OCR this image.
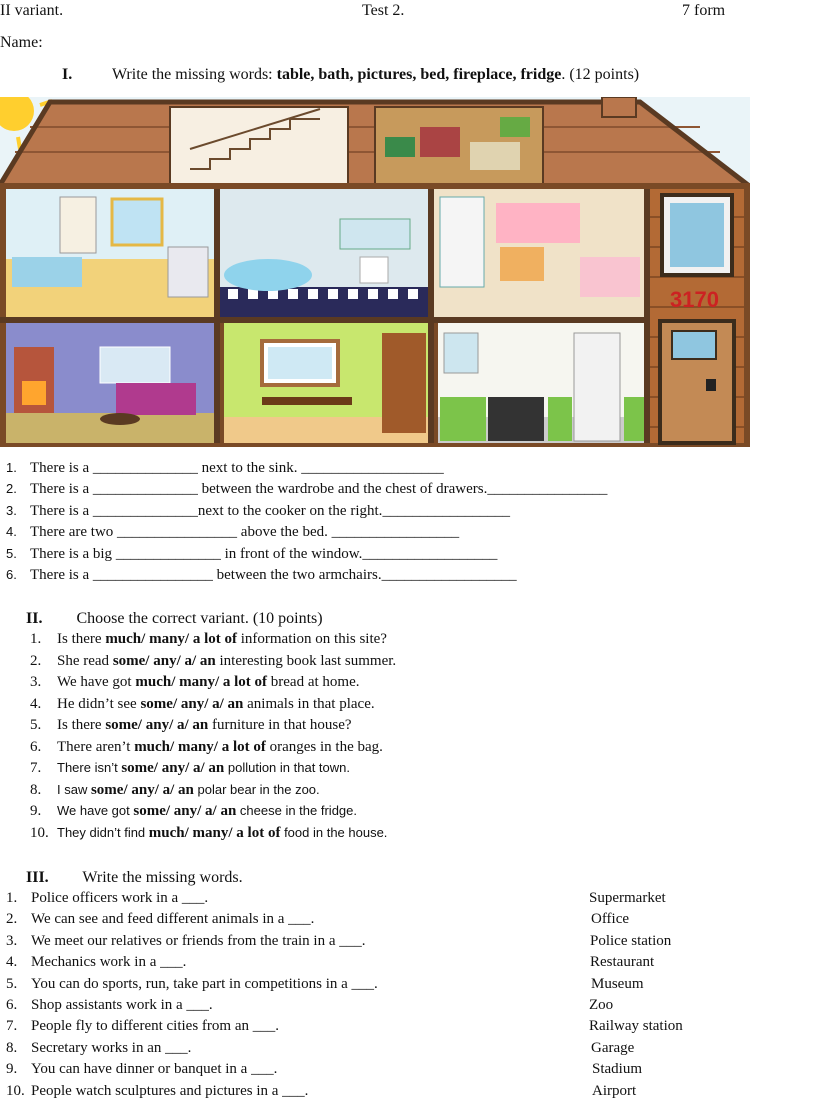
II variant.	Test 2.	7 form
Name:
I. Write the missing words: table, bath, pictures, bed, fireplace, fridge. (12 points)
3170
1. There is a ______________ next to the sink. ___________________
2. There is a ______________ between the wardrobe and the chest of drawers.________________
3. There is a ______________next to the cooker on the right._________________
4. There are two ________________ above the bed. _________________
5. There is a big ______________ in front of the window.__________________
6. There is a ________________ between the two armchairs.__________________
II. Choose the correct variant. (10 points)
1. Is there much/ many/ a lot of information on this site?
2. She read some/ any/ a/ an interesting book last summer.
3. We have got much/ many/ a lot of bread at home.
4. He didn’t see some/ any/ a/ an animals in that place.
5. Is there some/ any/ a/ an furniture in that house?
6. There aren’t much/ many/ a lot of oranges in the bag.
7. There isn’t some/ any/ a/ an pollution in that town.
8. I saw some/ any/ a/ an polar bear in the zoo.
9. We have got some/ any/ a/ an cheese in the fridge.
10. They didn’t find much/ many/ a lot of food in the house.
III. Write the missing words.
1. Police officers work in a ___.
2. We can see and feed different animals in a ___.
3. We meet our relatives or friends from the train in a ___.
4. Mechanics work in a ___.
5. You can do sports, run, take part in competitions in a ___.
6. Shop assistants work in a ___.
7. People fly to different cities from an ___.
8. Secretary works in an ___.
9. You can have dinner or banquet in a ___.
10. People watch sculptures and pictures in a ___.
Supermarket
Office
Police station
Restaurant
Museum
Zoo
Railway station
Garage
Stadium
Airport
